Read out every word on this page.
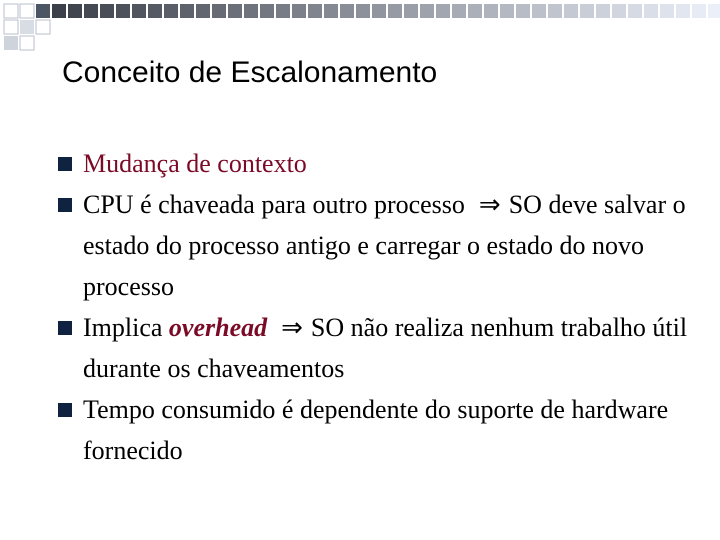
Conceito de Escalonamento
Mudança de contexto
CPU é chaveada para outro processo ⇒ SO deve salvar o estado do processo antigo e carregar o estado do novo processo
Implica overhead ⇒ SO não realiza nenhum trabalho útil durante os chaveamentos
Tempo consumido é dependente do suporte de hardware fornecido
